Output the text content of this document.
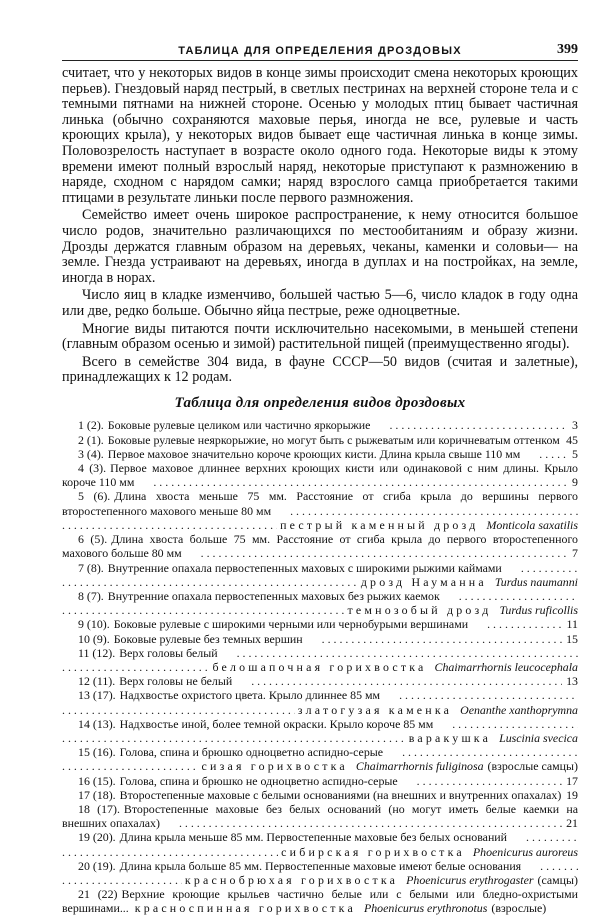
ТАБЛИЦА ДЛЯ ОПРЕДЕЛЕНИЯ ДРОЗДОВЫХ	399

считает, что у некоторых видов в конце зимы происходит смена некоторых кроющих перьев). Гнездовый наряд пестрый, в светлых пестринах на верхней стороне тела и с темными пятнами на нижней стороне. Осенью у молодых птиц бывает частичная линька (обычно сохраняются маховые перья, иногда не все, рулевые и часть кроющих крыла), у некоторых видов бывает еще частичная линька в конце зимы. Половозрелость наступает в возрасте около одного года. Некоторые виды к этому времени имеют полный взрослый наряд, некоторые приступают к размножению в наряде, сходном с нарядом самки; наряд взрослого самца приобретается такими птицами в результате линьки после первого размножения.

Семейство имеет очень широкое распространение, к нему относится большое число родов, значительно различающихся по местообитаниям и образу жизни. Дрозды держатся главным образом на деревьях, чеканы, каменки и соловьи— на земле. Гнезда устраивают на деревьях, иногда в дуплах и на постройках, на земле, иногда в норах.

Число яиц в кладке изменчиво, большей частью 5—6, число кладок в году одна или две, редко больше. Обычно яйца пестрые, реже одноцветные.

Многие виды питаются почти исключительно насекомыми, в меньшей степени (главным образом осенью и зимой) растительной пищей (преимущественно ягоды).

Всего в семействе 304 вида, в фауне СССР—50 видов (считая и залетные), принадлежащих к 12 родам.

Таблица для определения видов дроздовых
1 (2). Боковые рулевые целиком или частично яркорыжие . . .	3
2 (1). Боковые рулевые неяркорыжие, но могут быть с рыжеватым или коричневатым оттенком . . . 45
3 (4). Первое маховое значительно короче кроющих кисти. Длина крыла свыше 110 мм . . .	5
4 (3). Первое маховое длиннее верхних кроющих кисти или одинаковой с ним длины. Крыло короче 110 мм . . .	9
5 (6). Длина хвоста меньше 75 мм. Расстояние от сгиба крыла до вершины первого второстепенного махового меньше 80 мм . . .
. . .
пестрый каменный дрозд Monticola saxatilis
6 (5). Длина хвоста больше 75 мм. Расстояние от сгиба крыла до первого второстепенного махового больше 80 мм . . .	7
7 (8). Внутренние опахала первостепенных маховых с широкими рыжими каймами . . .
. . .
дрозд Науманна Turdus naumanni
8 (7). Внутренние опахала первостепенных маховых без рыжих каемок . . .
. . .
темнозобый дрозд Turdus ruficollis
9 (10). Боковые рулевые с широкими черными или чернобурыми вершинами . . .	11
10 (9). Боковые рулевые без темных вершин . . .	15
11 (12). Верх головы белый . . .
. . .
белошапочная горихвостка Chaimarrhornis leucocephala
12 (11). Верх головы не белый . . .	13
13 (17). Надхвостье охристого цвета. Крыло длиннее 85 мм . . .
. . .
златогузая каменка Oenanthe xanthoprymna
14 (13). Надхвостье иной, более темной окраски. Крыло короче 85 мм . . .
. . .
варакушка Luscinia svecica
15 (16). Голова, спина и брюшко одноцветно аспидно-серые . . .
. . .
сизая горихвостка Chaimarrhornis fuliginosa (взрослые самцы)
16 (15). Голова, спина и брюшко не одноцветно аспидно-серые . . .	17
17 (18). Второстепенные маховые с белыми основаниями (на внешних и внутренних опахалах) . . . 19
18 (17). Второстепенные маховые без белых оснований (но могут иметь белые каемки на внешних опахалах) . . .	21
19 (20). Длина крыла меньше 85 мм. Первостепенные маховые без белых оснований . . .
. . .
сибирская горихвостка Phoenicurus auroreus
20 (19). Длина крыла больше 85 мм. Первостепенные маховые имеют белые основания . . .
. . .
краснобрюхая горихвостка Phoenicurus erythrogaster (самцы)
21 (22) Верхние кроющие крыльев частично белые или с белыми или бледно-охристыми вершинами... красноспинная горихвостка Phoenicurus erythronotus (взрослые)
